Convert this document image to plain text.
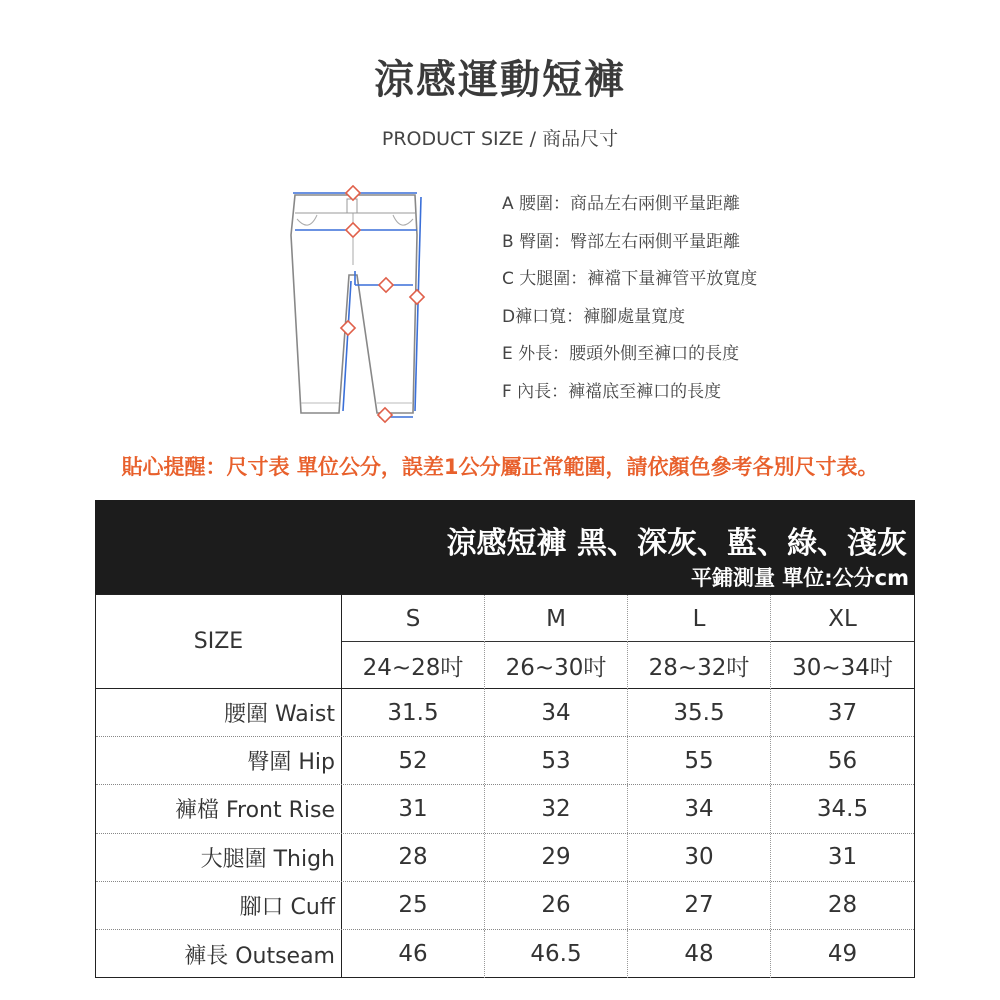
涼感運動短褲
PRODUCT SIZE / 商品尺寸
A 腰圍：商品左右兩側平量距離
B 臀圍：臀部左右兩側平量距離
C 大腿圍：褲襠下量褲管平放寬度
D褲口寬：褲腳處量寬度
E 外長：腰頭外側至褲口的長度
F 內長：褲襠底至褲口的長度
貼心提醒：尺寸表 單位公分，誤差1公分屬正常範圍，請依顏色參考各別尺寸表。
涼感短褲 黑、深灰、藍、綠、淺灰
平鋪測量 單位:公分cm
SIZE
S	M	L	XL
24~28吋	26~30吋	28~32吋	30~34吋
腰圍 Waist	31.5	34	35.5	37
臀圍 Hip	52	53	55	56
褲檔 Front Rise	31	32	34	34.5
大腿圍 Thigh	28	29	30	31
腳口 Cuff	25	26	27	28
褲長 Outseam	46	46.5	48	49
